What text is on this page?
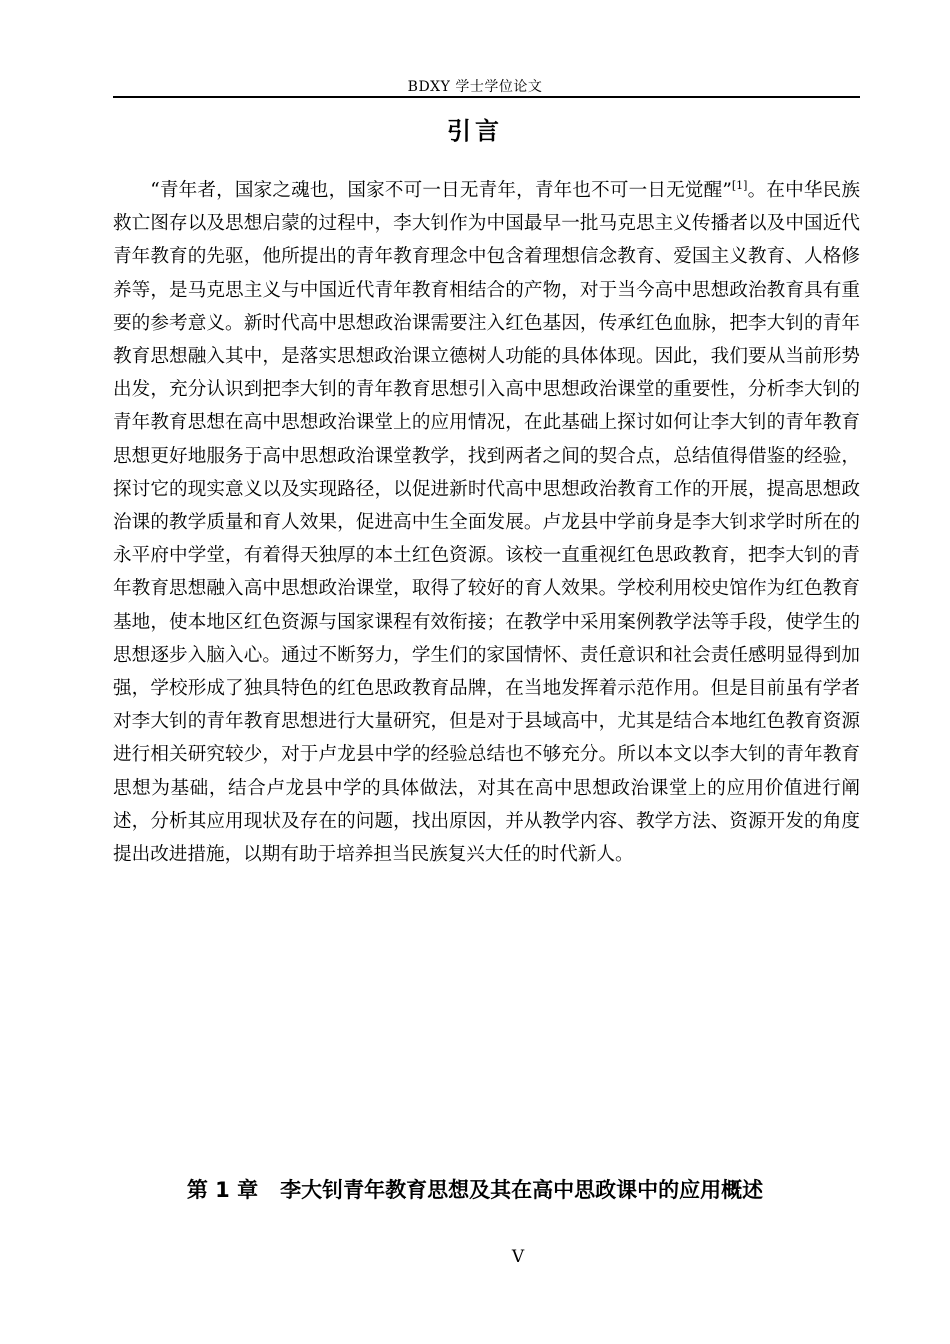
BDXY 学士学位论文
引言

“青年者，国家之魂也，国家不可一日无青年，青年也不可一日无觉醒”[1]。在中华民族救亡图存以及思想启蒙的过程中，李大钊作为中国最早一批马克思主义传播者以及中国近代青年教育的先驱，他所提出的青年教育理念中包含着理想信念教育、爱国主义教育、人格修养等，是马克思主义与中国近代青年教育相结合的产物，对于当今高中思想政治教育具有重要的参考意义。新时代高中思想政治课需要注入红色基因，传承红色血脉，把李大钊的青年教育思想融入其中，是落实思想政治课立德树人功能的具体体现。因此，我们要从当前形势出发，充分认识到把李大钊的青年教育思想引入高中思想政治课堂的重要性，分析李大钊的青年教育思想在高中思想政治课堂上的应用情况，在此基础上探讨如何让李大钊的青年教育思想更好地服务于高中思想政治课堂教学，找到两者之间的契合点，总结值得借鉴的经验，探讨它的现实意义以及实现路径，以促进新时代高中思想政治教育工作的开展，提高思想政治课的教学质量和育人效果，促进高中生全面发展。卢龙县中学前身是李大钊求学时所在的永平府中学堂，有着得天独厚的本土红色资源。该校一直重视红色思政教育，把李大钊的青年教育思想融入高中思想政治课堂，取得了较好的育人效果。学校利用校史馆作为红色教育基地，使本地区红色资源与国家课程有效衔接；在教学中采用案例教学法等手段，使学生的思想逐步入脑入心。通过不断努力，学生们的家国情怀、责任意识和社会责任感明显得到加强，学校形成了独具特色的红色思政教育品牌，在当地发挥着示范作用。但是目前虽有学者对李大钊的青年教育思想进行大量研究，但是对于县域高中，尤其是结合本地红色教育资源进行相关研究较少，对于卢龙县中学的经验总结也不够充分。所以本文以李大钊的青年教育思想为基础，结合卢龙县中学的具体做法，对其在高中思想政治课堂上的应用价值进行阐述，分析其应用现状及存在的问题，找出原因，并从教学内容、教学方法、资源开发的角度提出改进措施，以期有助于培养担当民族复兴大任的时代新人。

第 1 章 李大钊青年教育思想及其在高中思政课中的应用概述
V
